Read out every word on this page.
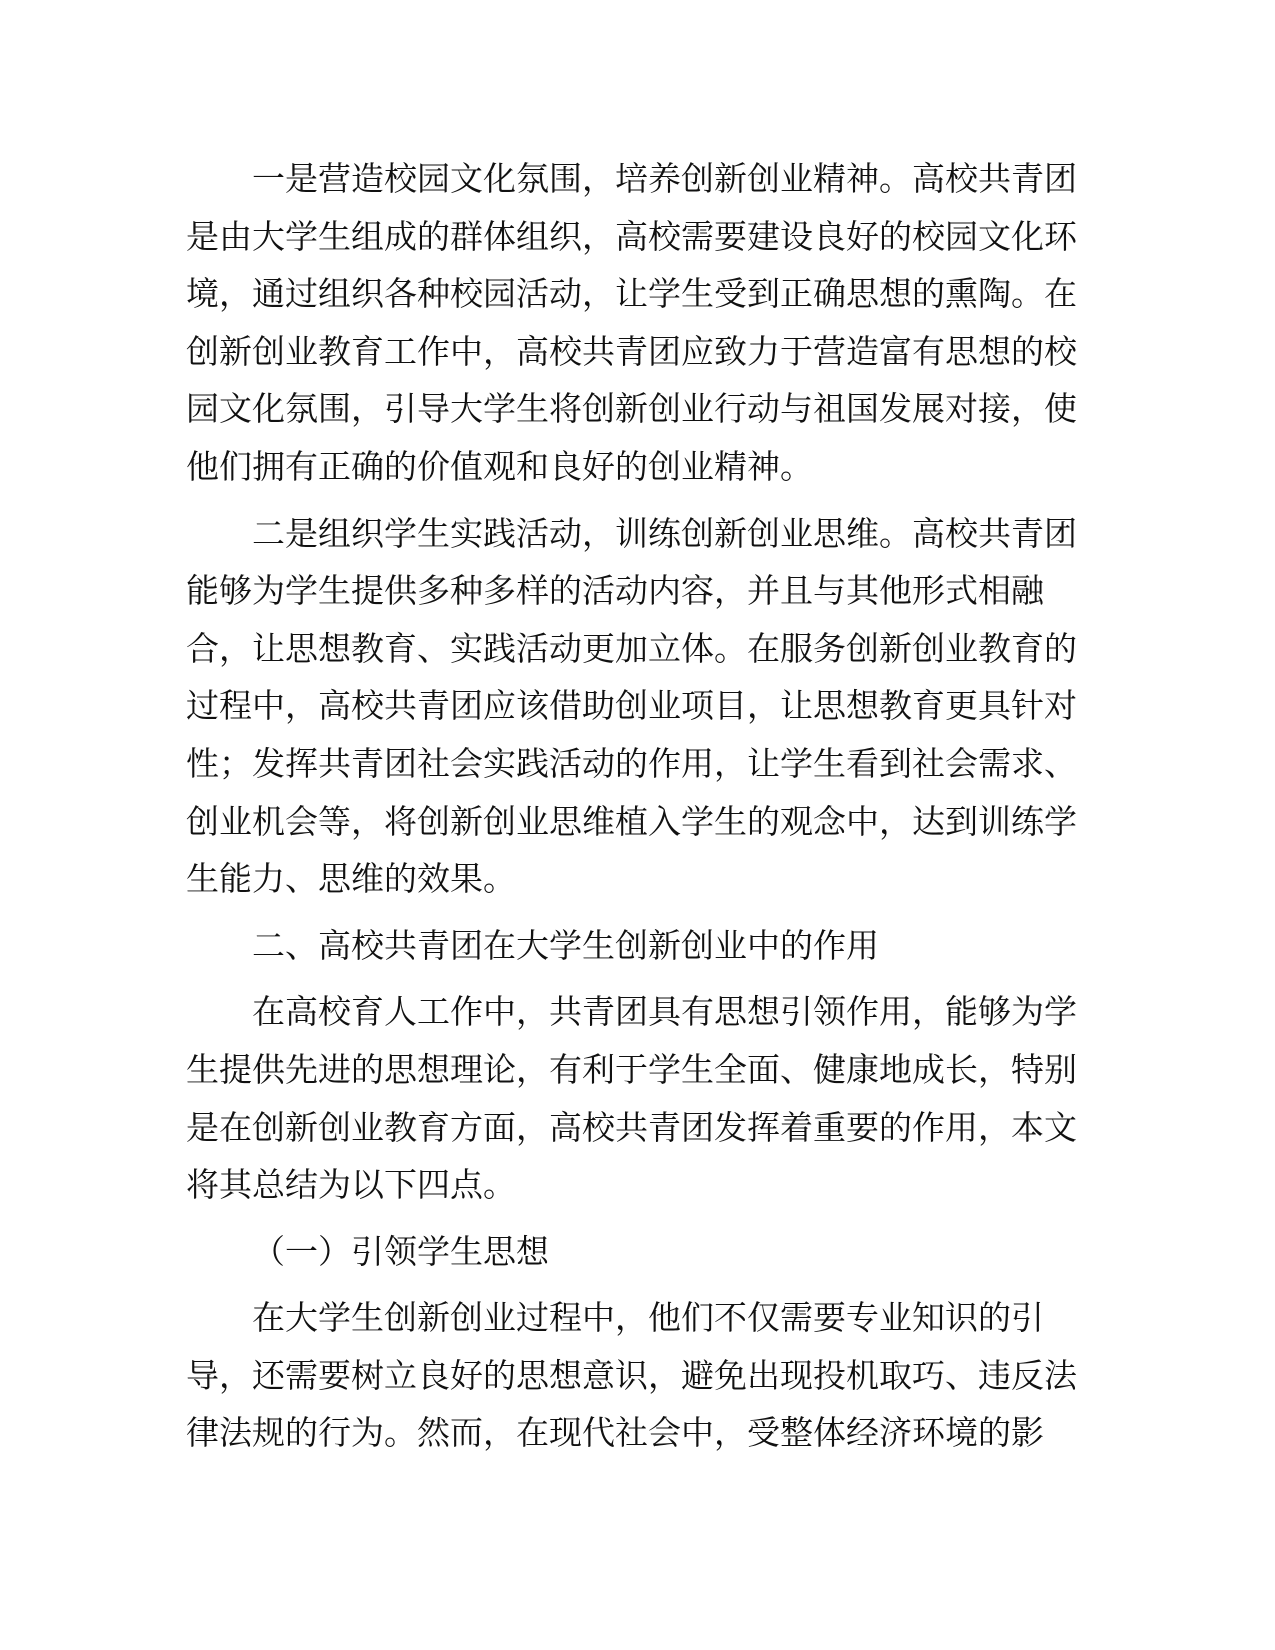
一是营造校园文化氛围，培养创新创业精神。高校共青团
是由大学生组成的群体组织，高校需要建设良好的校园文化环
境，通过组织各种校园活动，让学生受到正确思想的熏陶。在
创新创业教育工作中，高校共青团应致力于营造富有思想的校
园文化氛围，引导大学生将创新创业行动与祖国发展对接，使
他们拥有正确的价值观和良好的创业精神。
二是组织学生实践活动，训练创新创业思维。高校共青团
能够为学生提供多种多样的活动内容，并且与其他形式相融
合，让思想教育、实践活动更加立体。在服务创新创业教育的
过程中，高校共青团应该借助创业项目，让思想教育更具针对
性；发挥共青团社会实践活动的作用，让学生看到社会需求、
创业机会等，将创新创业思维植入学生的观念中，达到训练学
生能力、思维的效果。
二、高校共青团在大学生创新创业中的作用
在高校育人工作中，共青团具有思想引领作用，能够为学
生提供先进的思想理论，有利于学生全面、健康地成长，特别
是在创新创业教育方面，高校共青团发挥着重要的作用，本文
将其总结为以下四点。
（一）引领学生思想
在大学生创新创业过程中，他们不仅需要专业知识的引
导，还需要树立良好的思想意识，避免出现投机取巧、违反法
律法规的行为。然而，在现代社会中，受整体经济环境的影
